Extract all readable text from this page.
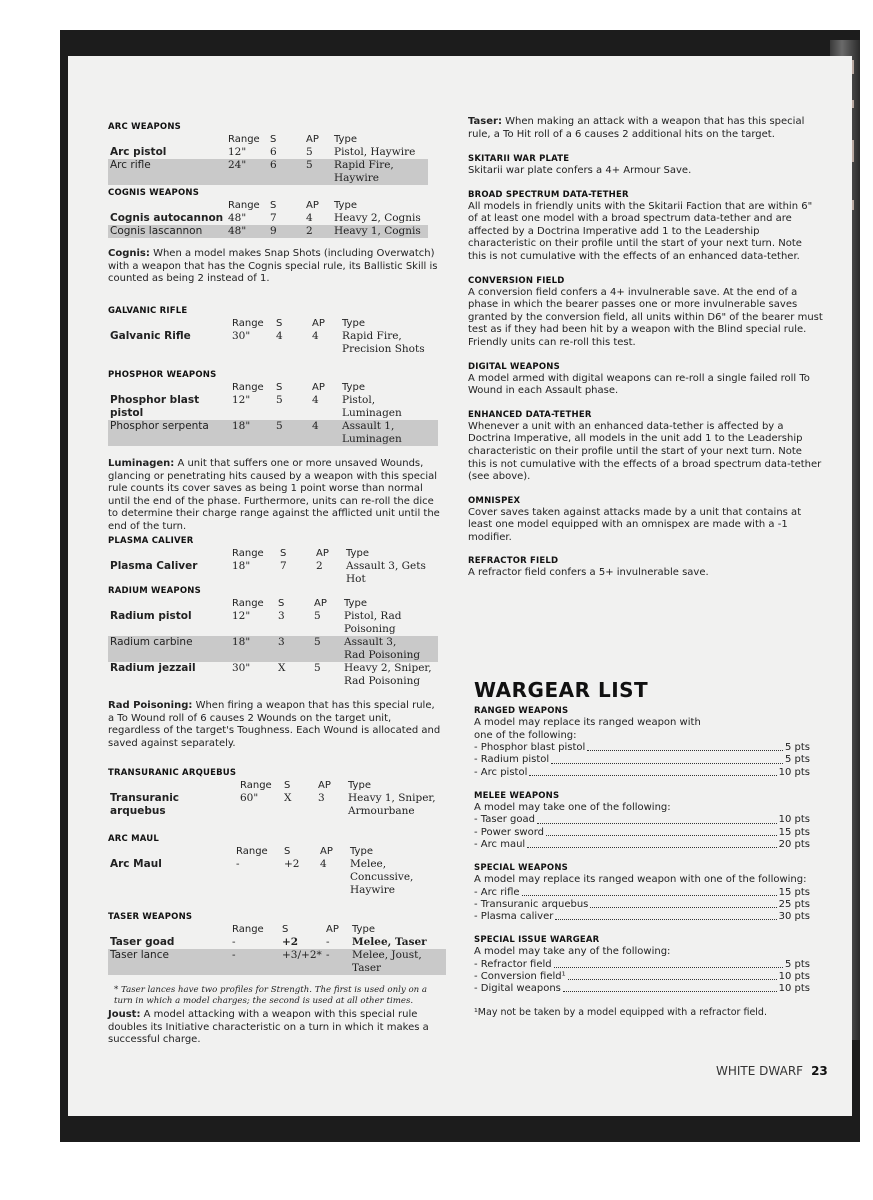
ARC WEAPONS
	Range	S	AP	Type
Arc pistol	12"	6	5	Pistol, Haywire
Arc rifle	24"	6	5	Rapid Fire, Haywire
COGNIS WEAPONS
	Range	S	AP	Type
Cognis autocannon	48"	7	4	Heavy 2, Cognis
Cognis lascannon	48"	9	2	Heavy 1, Cognis
Cognis: When a model makes Snap Shots (including Overwatch) with a weapon that has the Cognis special rule, its Ballistic Skill is counted as being 2 instead of 1.
GALVANIC RIFLE
	Range	S	AP	Type
Galvanic Rifle	30"	4	4	Rapid Fire,
Precision Shots
PHOSPHOR WEAPONS
	Range	S	AP	Type
Phosphor blast pistol	12"	5	4	Pistol, Luminagen
Phosphor serpenta	18"	5	4	Assault 1,
Luminagen
Luminagen: A unit that suffers one or more unsaved Wounds, glancing or penetrating hits caused by a weapon with this special rule counts its cover saves as being 1 point worse than normal until the end of the phase. Furthermore, units can re-roll the dice to determine their charge range against the afflicted unit until the end of the turn.
PLASMA CALIVER
	Range	S	AP	Type
Plasma Caliver	18"	7	2	Assault 3, Gets Hot
RADIUM WEAPONS
	Range	S	AP	Type
Radium pistol	12"	3	5	Pistol, Rad
Poisoning

Radium carbine	18"	3	5	Assault 3,
Rad Poisoning

Radium jezzail	30"	X	5	Heavy 2, Sniper,
Rad Poisoning
Rad Poisoning: When firing a weapon that has this special rule, a To Wound roll of 6 causes 2 Wounds on the target unit, regardless of the target's Toughness. Each Wound is allocated and saved against separately.
TRANSURANIC ARQUEBUS
	Range	S	AP	Type
Transuranic arquebus	60"	X	3	Heavy 1, Sniper,
Armourbane
ARC MAUL
	Range	S	AP	Type
Arc Maul	-	+2	4	Melee,
Concussive,
Haywire
TASER WEAPONS
	Range	S	AP	Type
Taser goad	-	+2	-	Melee, Taser
Taser lance	-	+3/+2*	-	Melee, Joust, Taser
* Taser lances have two profiles for Strength. The first is used only on a turn in which a model charges; the second is used at all other times.
Joust: A model attacking with a weapon with this special rule doubles its Initiative characteristic on a turn in which it makes a successful charge.
Taser: When making an attack with a weapon that has this special rule, a To Hit roll of a 6 causes 2 additional hits on the target.
SKITARII WAR PLATE
Skitarii war plate confers a 4+ Armour Save.
BROAD SPECTRUM DATA-TETHER
All models in friendly units with the Skitarii Faction that are within 6" of at least one model with a broad spectrum data-tether and are affected by a Doctrina Imperative add 1 to the Leadership characteristic on their profile until the start of your next turn. Note this is not cumulative with the effects of an enhanced data-tether.
CONVERSION FIELD
A conversion field confers a 4+ invulnerable save. At the end of a phase in which the bearer passes one or more invulnerable saves granted by the conversion field, all units within D6" of the bearer must test as if they had been hit by a weapon with the Blind special rule. Friendly units can re-roll this test.
DIGITAL WEAPONS
A model armed with digital weapons can re-roll a single failed roll To Wound in each Assault phase.
ENHANCED DATA-TETHER
Whenever a unit with an enhanced data-tether is affected by a Doctrina Imperative, all models in the unit add 1 to the Leadership characteristic on their profile until the start of your next turn. Note this is not cumulative with the effects of a broad spectrum data-tether (see above).
OMNISPEX
Cover saves taken against attacks made by a unit that contains at least one model equipped with an omnispex are made with a -1 modifier.
REFRACTOR FIELD
A refractor field confers a 5+ invulnerable save.
WARGEAR LIST
RANGED WEAPONS
A model may replace its ranged weapon with
one of the following:
- Phosphor blast pistol	5 pts
- Radium pistol	5 pts
- Arc pistol	10 pts
MELEE WEAPONS
A model may take one of the following:
- Taser goad	10 pts
- Power sword	15 pts
- Arc maul	20 pts
SPECIAL WEAPONS
A model may replace its ranged weapon with one of the following:
- Arc rifle	15 pts
- Transuranic arquebus	25 pts
- Plasma caliver	30 pts
SPECIAL ISSUE WARGEAR
A model may take any of the following:
- Refractor field	5 pts
- Conversion field¹	10 pts
- Digital weapons	10 pts
¹May not be taken by a model equipped with a refractor field.
WHITE DWARF 23
